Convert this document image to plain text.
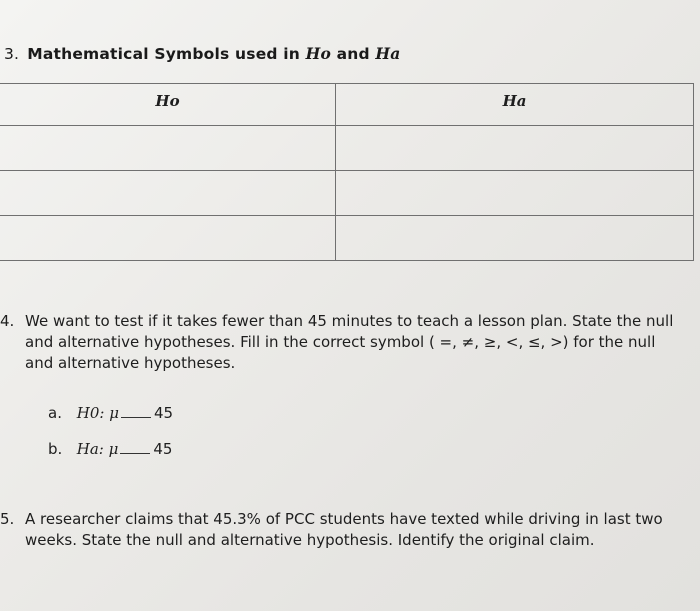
3. Mathematical Symbols used in Ho and Ha
Ho	Ha

4. We want to test if it takes fewer than 45 minutes to teach a lesson plan. State the null and alternative hypotheses. Fill in the correct symbol ( =, ≠, ≥, <, ≤, >) for the null and alternative hypotheses.
a. H0: μ 45
b. Ha: μ 45
5. A researcher claims that 45.3% of PCC students have texted while driving in last two weeks. State the null and alternative hypothesis. Identify the original claim.
